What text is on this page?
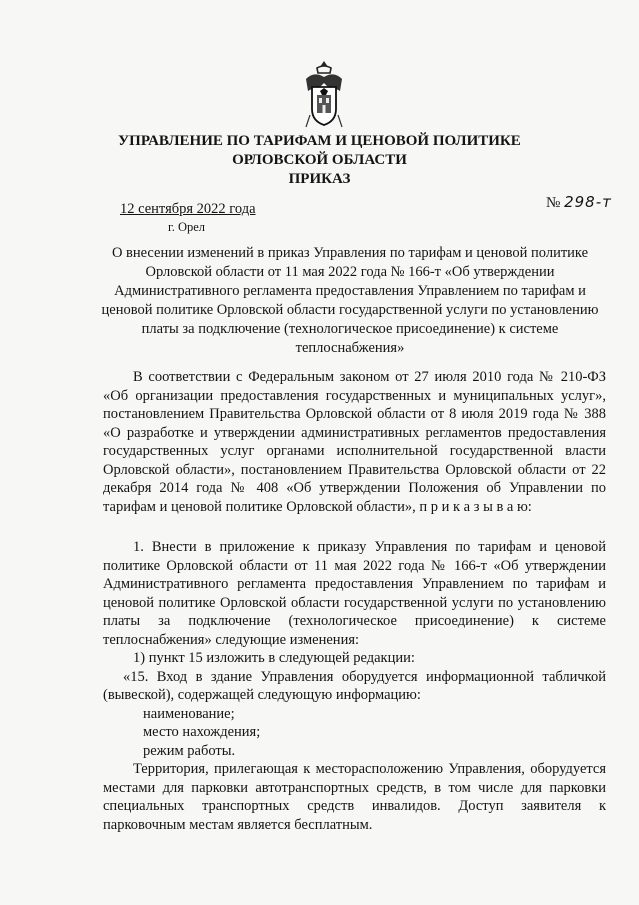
УПРАВЛЕНИЕ ПО ТАРИФАМ И ЦЕНОВОЙ ПОЛИТИКЕ
ОРЛОВСКОЙ ОБЛАСТИ
ПРИКАЗ
12 сентября 2022 года
г. Орел
№ 298-т
О внесении изменений в приказ Управления по тарифам и ценовой политике Орловской области от 11 мая 2022 года № 166-т «Об утверждении Административного регламента предоставления Управлением по тарифам и ценовой политике Орловской области государственной услуги по установлению платы за подключение (технологическое присоединение) к системе теплоснабжения»

В соответствии с Федеральным законом от 27 июля 2010 года № 210-ФЗ «Об организации предоставления государственных и муниципальных услуг», постановлением Правительства Орловской области от 8 июля 2019 года № 388 «О разработке и утверждении административных регламентов предоставления государственных услуг органами исполнительной государственной власти Орловской области», постановлением Правительства Орловской области от 22 декабря 2014 года № 408 «Об утверждении Положения об Управлении по тарифам и ценовой политике Орловской области», п р и к а з ы в а ю:

1. Внести в приложение к приказу Управления по тарифам и ценовой политике Орловской области от 11 мая 2022 года № 166-т «Об утверждении Административного регламента предоставления Управлением по тарифам и ценовой политике Орловской области государственной услуги по установлению платы за подключение (технологическое присоединение) к системе теплоснабжения» следующие изменения:

1) пункт 15 изложить в следующей редакции:

«15. Вход в здание Управления оборудуется информационной табличкой (вывеской), содержащей следующую информацию:

наименование;

место нахождения;

режим работы.

Территория, прилегающая к месторасположению Управления, оборудуется местами для парковки автотранспортных средств, в том числе для парковки специальных транспортных средств инвалидов. Доступ заявителя к парковочным местам является бесплатным.
